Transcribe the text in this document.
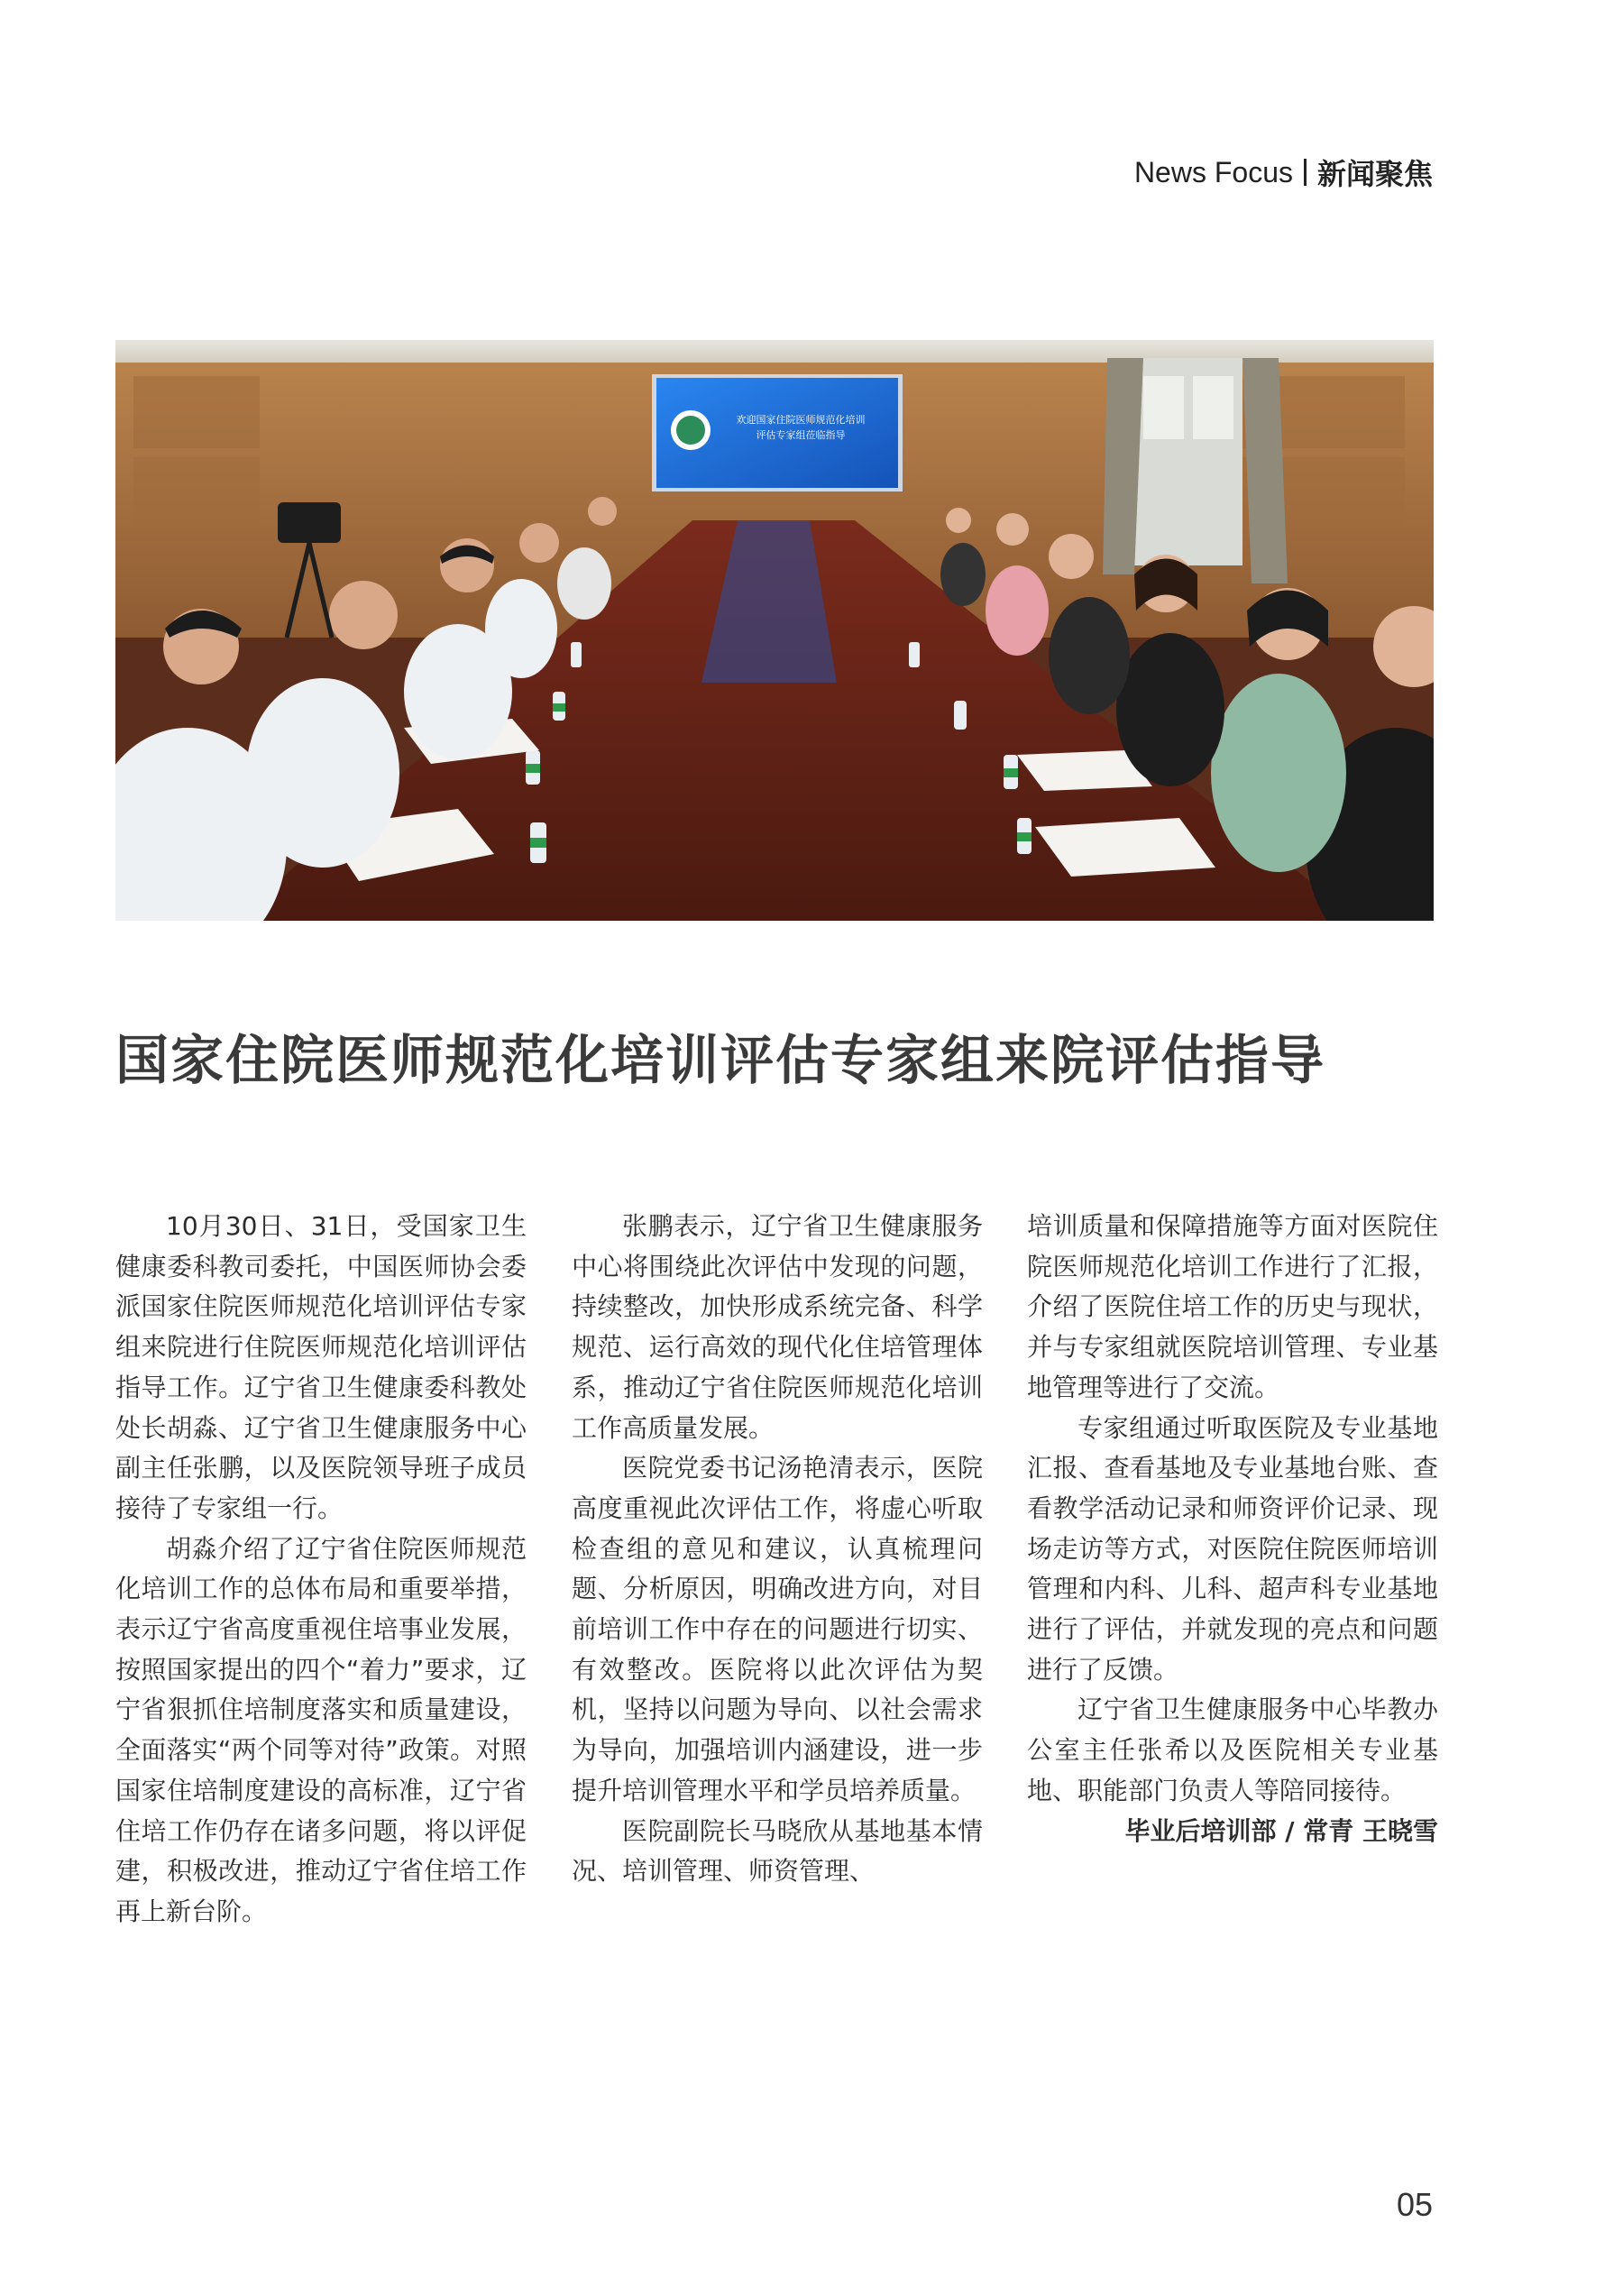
News Focus 新闻聚焦
欢迎国家住院医师规范化培训
评估专家组莅临指导
国家住院医师规范化培训评估专家组来院评估指导

10月30日、31日，受国家卫生健康委科教司委托，中国医师协会委派国家住院医师规范化培训评估专家组来院进行住院医师规范化培训评估指导工作。辽宁省卫生健康委科教处处长胡淼、辽宁省卫生健康服务中心副主任张鹏，以及医院领导班子成员接待了专家组一行。

胡淼介绍了辽宁省住院医师规范化培训工作的总体布局和重要举措，表示辽宁省高度重视住培事业发展，按照国家提出的四个“着力”要求，辽宁省狠抓住培制度落实和质量建设，全面落实“两个同等对待”政策。对照国家住培制度建设的高标准，辽宁省住培工作仍存在诸多问题，将以评促建，积极改进，推动辽宁省住培工作再上新台阶。

张鹏表示，辽宁省卫生健康服务中心将围绕此次评估中发现的问题，持续整改，加快形成系统完备、科学规范、运行高效的现代化住培管理体系，推动辽宁省住院医师规范化培训工作高质量发展。

医院党委书记汤艳清表示，医院高度重视此次评估工作，将虚心听取检查组的意见和建议，认真梳理问题、分析原因，明确改进方向，对目前培训工作中存在的问题进行切实、有效整改。医院将以此次评估为契机，坚持以问题为导向、以社会需求为导向，加强培训内涵建设，进一步提升培训管理水平和学员培养质量。

医院副院长马晓欣从基地基本情况、培训管理、师资管理、

培训质量和保障措施等方面对医院住院医师规范化培训工作进行了汇报，介绍了医院住培工作的历史与现状，并与专家组就医院培训管理、专业基地管理等进行了交流。

专家组通过听取医院及专业基地汇报、查看基地及专业基地台账、查看教学活动记录和师资评价记录、现场走访等方式，对医院住院医师培训管理和内科、儿科、超声科专业基地进行了评估，并就发现的亮点和问题进行了反馈。

辽宁省卫生健康服务中心毕教办公室主任张希以及医院相关专业基地、职能部门负责人等陪同接待。

毕业后培训部 / 常青 王晓雪

05
